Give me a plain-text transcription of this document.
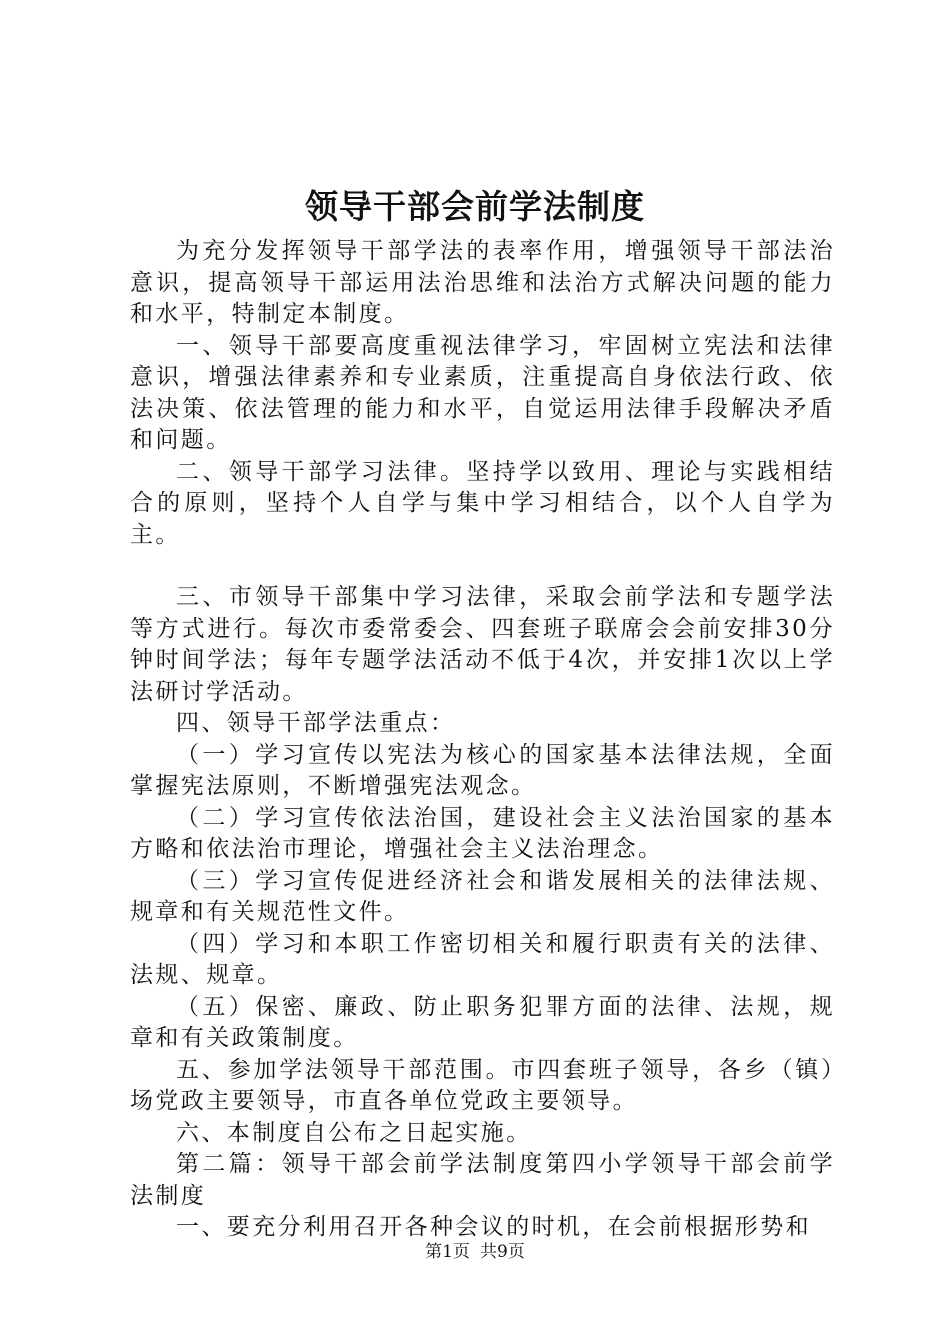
领导干部会前学法制度

为充分发挥领导干部学法的表率作用，增强领导干部法治意识，提高领导干部运用法治思维和法治方式解决问题的能力和水平，特制定本制度。

一、领导干部要高度重视法律学习，牢固树立宪法和法律意识，增强法律素养和专业素质，注重提高自身依法行政、依法决策、依法管理的能力和水平，自觉运用法律手段解决矛盾和问题。

二、领导干部学习法律。坚持学以致用、理论与实践相结合的原则，坚持个人自学与集中学习相结合，以个人自学为主。

三、市领导干部集中学习法律，采取会前学法和专题学法等方式进行。每次市委常委会、四套班子联席会会前安排30分钟时间学法；每年专题学法活动不低于4次，并安排1次以上学法研讨学活动。

四、领导干部学法重点：

（一）学习宣传以宪法为核心的国家基本法律法规，全面掌握宪法原则，不断增强宪法观念。

（二）学习宣传依法治国，建设社会主义法治国家的基本方略和依法治市理论，增强社会主义法治理念。

（三）学习宣传促进经济社会和谐发展相关的法律法规、规章和有关规范性文件。

（四）学习和本职工作密切相关和履行职责有关的法律、法规、规章。

（五）保密、廉政、防止职务犯罪方面的法律、法规，规章和有关政策制度。

五、参加学法领导干部范围。市四套班子领导，各乡（镇）场党政主要领导，市直各单位党政主要领导。

六、本制度自公布之日起实施。

第二篇：领导干部会前学法制度第四小学领导干部会前学法制度

一、要充分利用召开各种会议的时机，在会前根据形势和

第1页 共9页
